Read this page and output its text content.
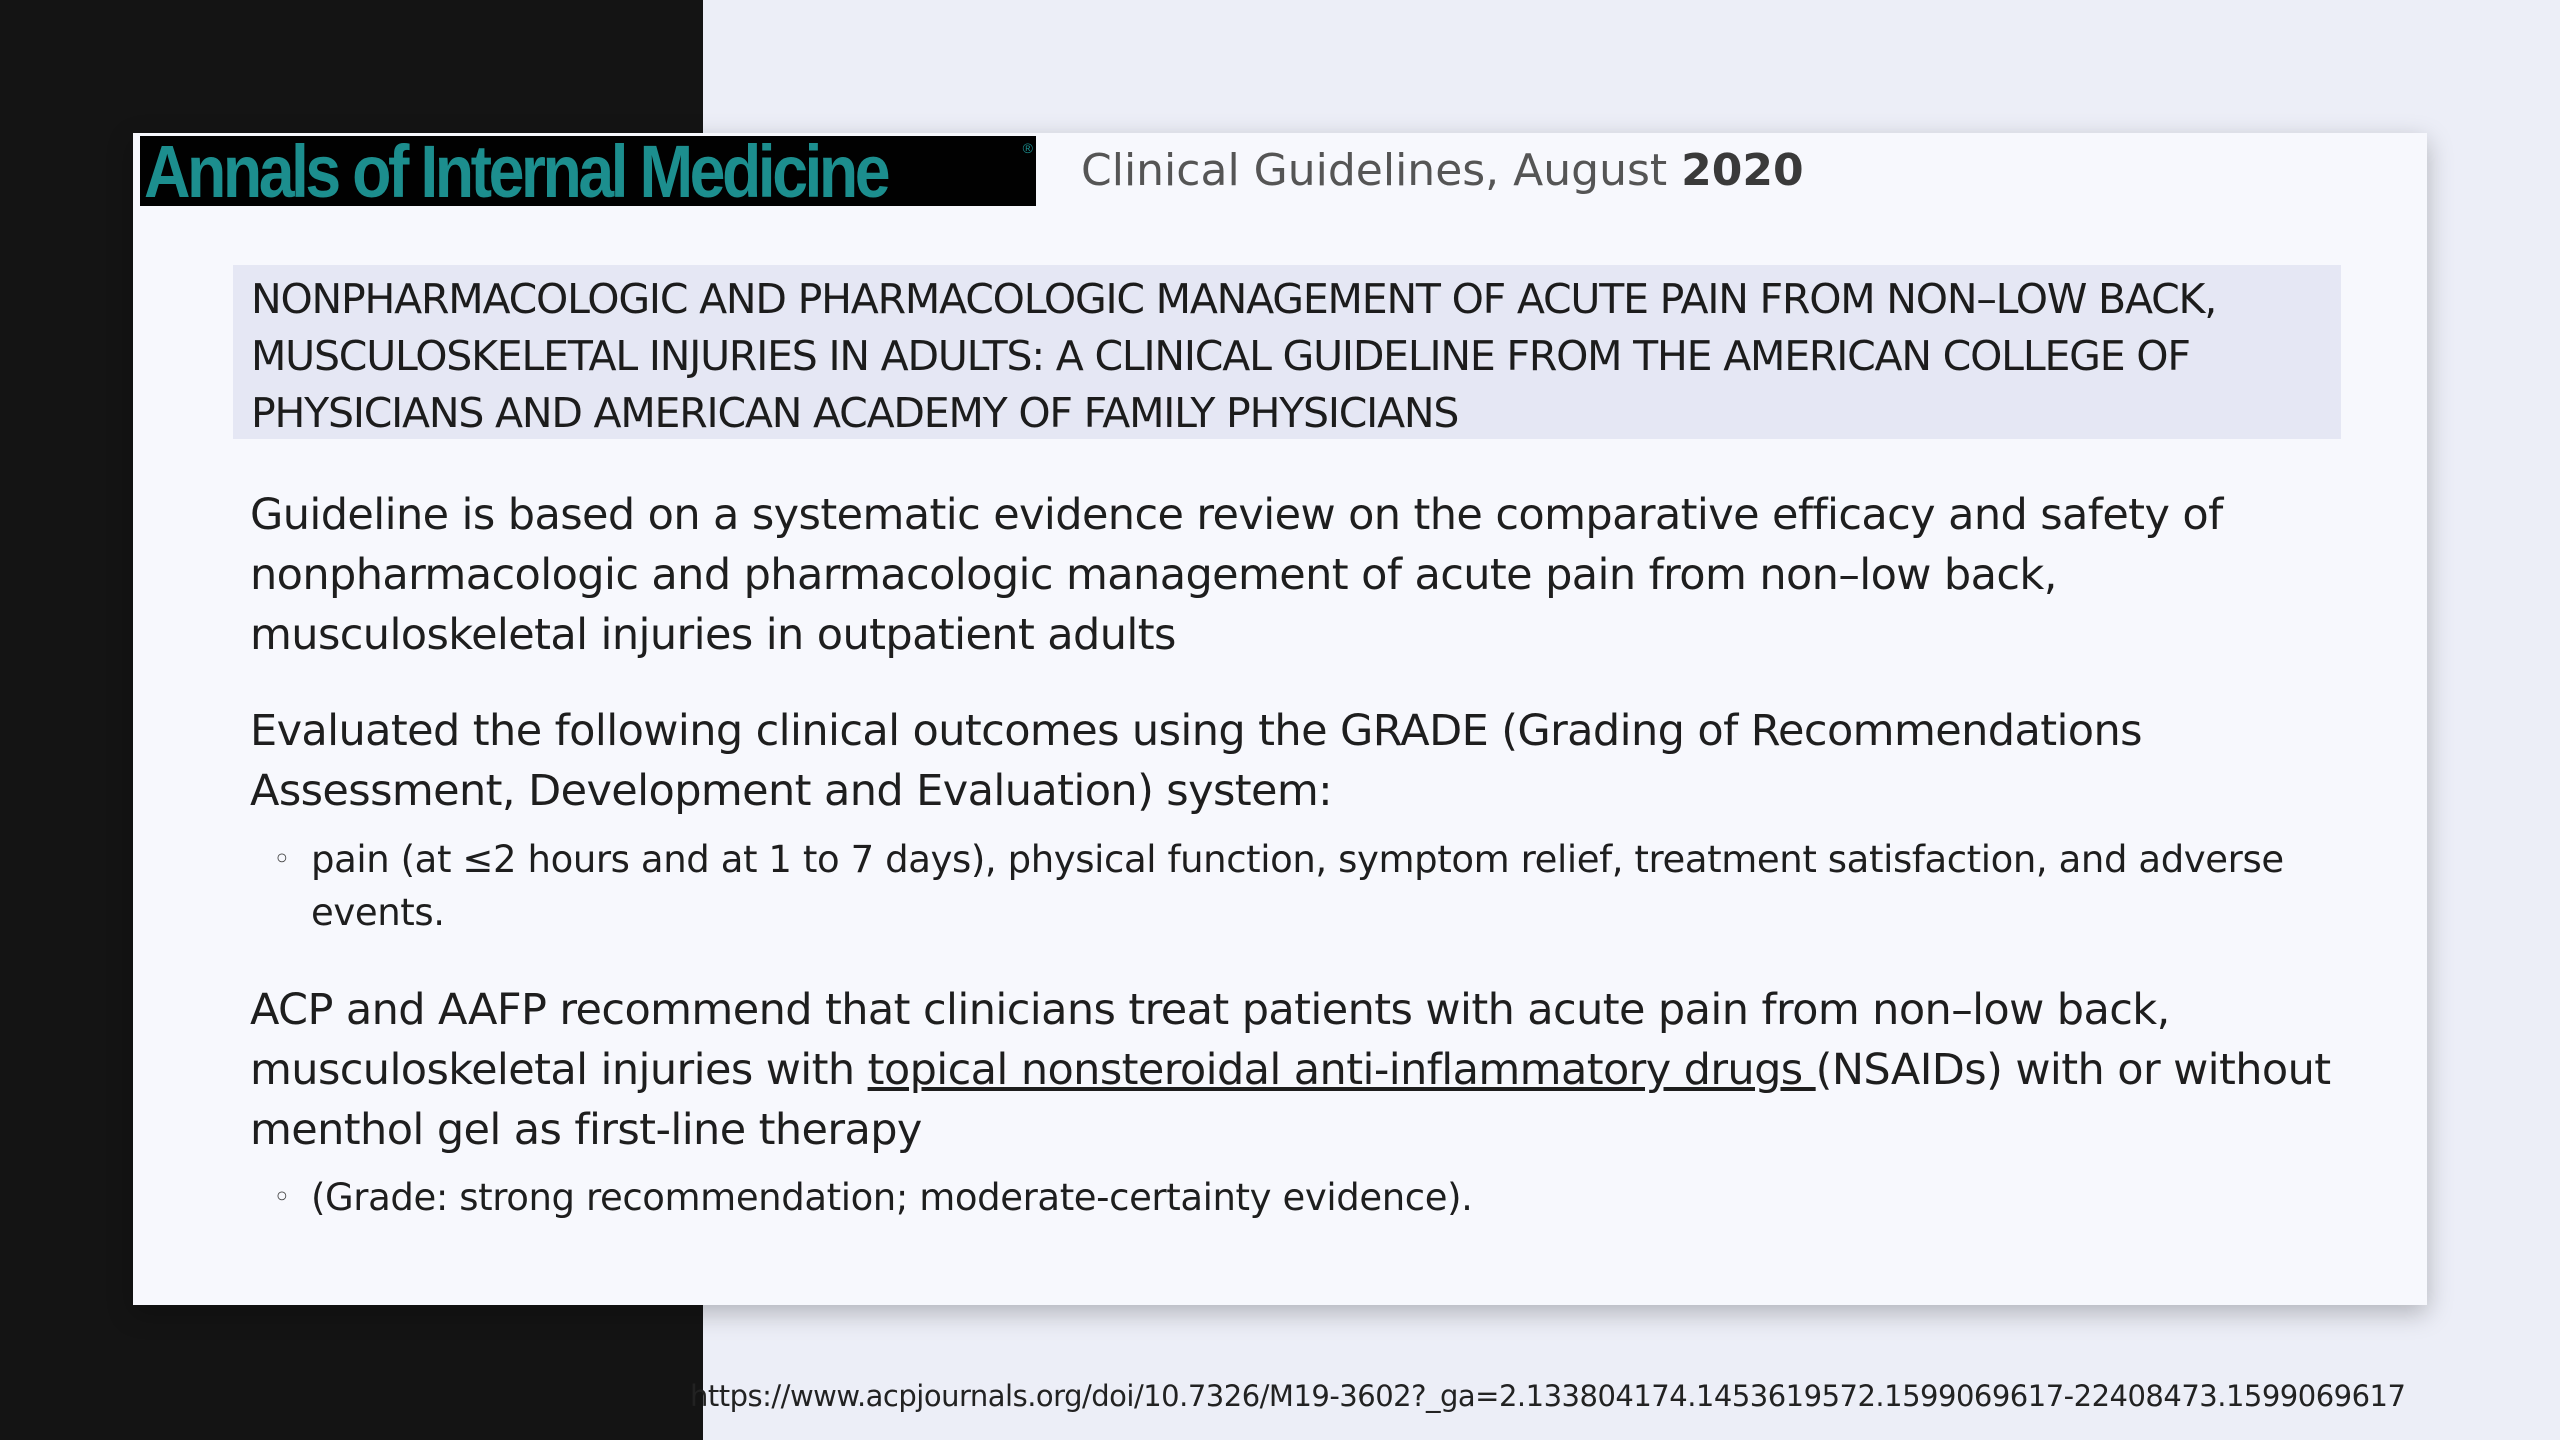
Annals of Internal Medicine	® Clinical Guidelines, August 2020
NONPHARMACOLOGIC AND PHARMACOLOGIC MANAGEMENT OF ACUTE PAIN FROM NON–LOW BACK, MUSCULOSKELETAL INJURIES IN ADULTS: A CLINICAL GUIDELINE FROM THE AMERICAN COLLEGE OF PHYSICIANS AND AMERICAN ACADEMY OF FAMILY PHYSICIANS
Guideline is based on a systematic evidence review on the comparative efficacy and safety of nonpharmacologic and pharmacologic management of acute pain from non–low back, musculoskeletal injuries in outpatient adults
Evaluated the following clinical outcomes using the GRADE (Grading of Recommendations Assessment, Development and Evaluation) system:
◦ pain (at ≤2 hours and at 1 to 7 days), physical function, symptom relief, treatment satisfaction, and adverse events.
ACP and AAFP recommend that clinicians treat patients with acute pain from non–low back, musculoskeletal injuries with topical nonsteroidal anti-inflammatory drugs (NSAIDs) with or without menthol gel as first-line therapy
◦ (Grade: strong recommendation; moderate-certainty evidence).
https://www.acpjournals.org/doi/10.7326/M19-3602?_ga=2.133804174.1453619572.1599069617-22408473.1599069617
